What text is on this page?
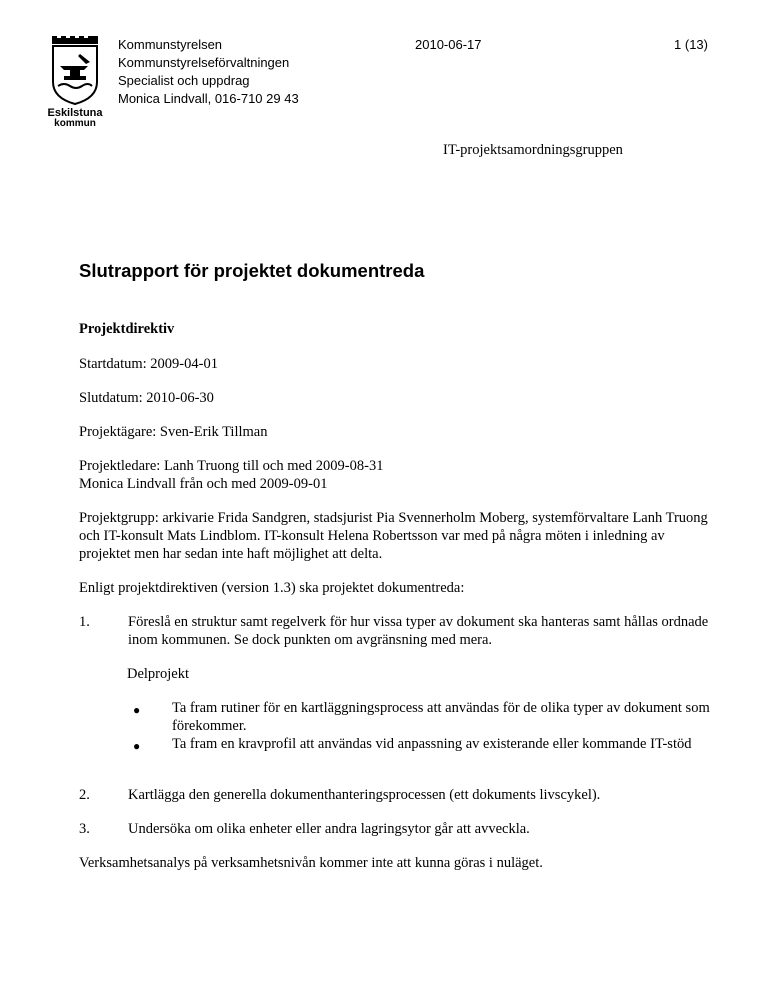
Eskilstuna
kommun
Kommunstyrelsen
Kommunstyrelseförvaltningen
Specialist och uppdrag
Monica Lindvall, 016-710 29 43
2010-06-17	1 (13)
IT-projektsamordningsgruppen
Slutrapport för projektet dokumentreda

Projektdirektiv

Startdatum: 2009-04-01

Slutdatum: 2010-06-30

Projektägare: Sven-Erik Tillman

Projektledare: Lanh Truong till och med 2009-08-31

Monica Lindvall från och med 2009-09-01

Projektgrupp: arkivarie Frida Sandgren, stadsjurist Pia Svennerholm Moberg, systemförvaltare Lanh Truong och IT-konsult Mats Lindblom. IT-konsult Helena Robertsson var med på några möten i inledning av projektet men har sedan inte haft möjlighet att delta.

Enligt projektdirektiven (version 1.3) ska projektet dokumentreda:

1.	Föreslå en struktur samt regelverk för hur vissa typer av dokument ska hanteras samt hållas ordnade inom kommunen. Se dock punkten om avgränsning med mera.

Delprojekt

● Ta fram rutiner för en kartläggningsprocess att användas för de olika typer av dokument som förekommer.

● Ta fram en kravprofil att användas vid anpassning av existerande eller kommande IT-stöd

2.	Kartlägga den generella dokumenthanteringsprocessen (ett dokuments livscykel).

3.	Undersöka om olika enheter eller andra lagringsytor går att avveckla.

Verksamhetsanalys på verksamhetsnivån kommer inte att kunna göras i nuläget.
